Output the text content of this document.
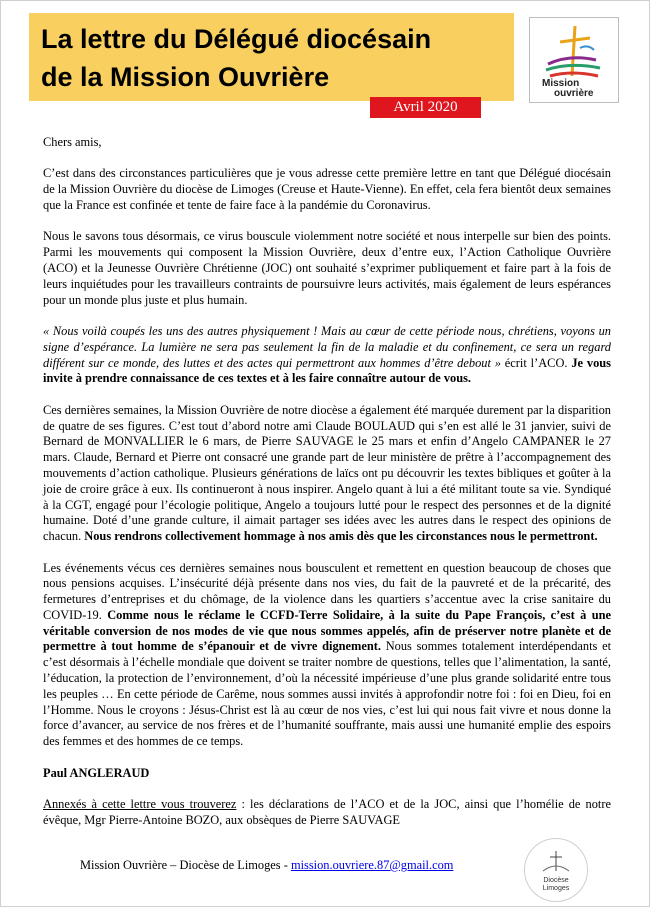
La lettre du Délégué diocésain
de la Mission Ouvrière
Avril 2020
Mission
ouvrière

Chers amis,

C’est dans des circonstances particulières que je vous adresse cette première lettre en tant que Délégué diocésain de la Mission Ouvrière du diocèse de Limoges (Creuse et Haute-Vienne). En effet, cela fera bientôt deux semaines que la France est confinée et tente de faire face à la pandémie du Coronavirus.

Nous le savons tous désormais, ce virus bouscule violemment notre société et nous interpelle sur bien des points. Parmi les mouvements qui composent la Mission Ouvrière, deux d’entre eux, l’Action Catholique Ouvrière (ACO) et la Jeunesse Ouvrière Chrétienne (JOC) ont souhaité s’exprimer publiquement et faire part à la fois de leurs inquiétudes pour les travailleurs contraints de poursuivre leurs activités, mais également de leurs espérances pour un monde plus juste et plus humain.

« Nous voilà coupés les uns des autres physiquement ! Mais au cœur de cette période nous, chrétiens, voyons un signe d’espérance. La lumière ne sera pas seulement la fin de la maladie et du confinement, ce sera un regard différent sur ce monde, des luttes et des actes qui permettront aux hommes d’être debout » écrit l’ACO. Je vous invite à prendre connaissance de ces textes et à les faire connaître autour de vous.

Ces dernières semaines, la Mission Ouvrière de notre diocèse a également été marquée durement par la disparition de quatre de ses figures. C’est tout d’abord notre ami Claude BOULAUD qui s’en est allé le 31 janvier, suivi de Bernard de MONVALLIER le 6 mars, de Pierre SAUVAGE le 25 mars et enfin d’Angelo CAMPANER le 27 mars. Claude, Bernard et Pierre ont consacré une grande part de leur ministère de prêtre à l’accompagnement des mouvements d’action catholique. Plusieurs générations de laïcs ont pu découvrir les textes bibliques et goûter à la joie de croire grâce à eux. Ils continueront à nous inspirer. Angelo quant à lui a été militant toute sa vie. Syndiqué à la CGT, engagé pour l’écologie politique, Angelo a toujours lutté pour le respect des personnes et de la dignité humaine. Doté d’une grande culture, il aimait partager ses idées avec les autres dans le respect des opinions de chacun. Nous rendrons collectivement hommage à nos amis dès que les circonstances nous le permettront.

Les événements vécus ces dernières semaines nous bousculent et remettent en question beaucoup de choses que nous pensions acquises. L’insécurité déjà présente dans nos vies, du fait de la pauvreté et de la précarité, des fermetures d’entreprises et du chômage, de la violence dans les quartiers s’accentue avec la crise sanitaire du COVID-19. Comme nous le réclame le CCFD-Terre Solidaire, à la suite du Pape François, c’est à une véritable conversion de nos modes de vie que nous sommes appelés, afin de préserver notre planète et de permettre à tout homme de s’épanouir et de vivre dignement. Nous sommes totalement interdépendants et c’est désormais à l’échelle mondiale que doivent se traiter nombre de questions, telles que l’alimentation, la santé, l’éducation, la protection de l’environnement, d’où la nécessité impérieuse d’une plus grande solidarité entre tous les peuples … En cette période de Carême, nous sommes aussi invités à approfondir notre foi : foi en Dieu, foi en l’Homme. Nous le croyons : Jésus-Christ est là au cœur de nos vies, c’est lui qui nous fait vivre et nous donne la force d’avancer, au service de nos frères et de l’humanité souffrante, mais aussi une humanité emplie des espoirs des femmes et des hommes de ce temps.

Paul ANGLERAUD

Annexés à cette lettre vous trouverez : les déclarations de l’ACO et de la JOC, ainsi que l’homélie de notre évêque, Mgr Pierre-Antoine BOZO, aux obsèques de Pierre SAUVAGE

Mission Ouvrière – Diocèse de Limoges - mission.ouvriere.87@gmail.com
Diocèse
Limoges
